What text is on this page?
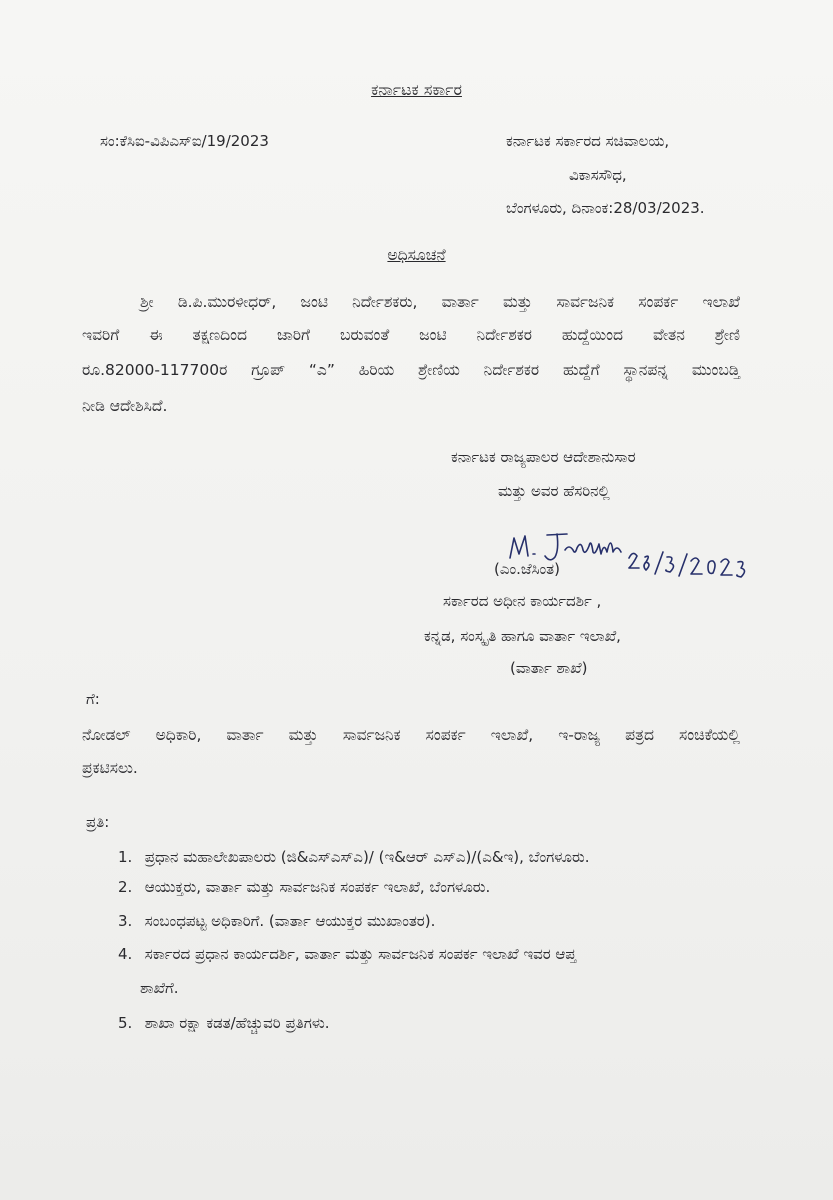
ಕರ್ನಾಟಕ ಸರ್ಕಾರ
ಸಂ:ಕೆಸಿಐ-ವಿಪಿಎಸ್ಐ/19/2023	ಕರ್ನಾಟಕ ಸರ್ಕಾರದ ಸಚಿವಾಲಯ,
ವಿಕಾಸಸೌಧ,
ಬೆಂಗಳೂರು, ದಿನಾಂಕ:28/03/2023.
ಅಧಿಸೂಚನೆ
ಶ್ರೀ ಡಿ.ಪಿ.ಮುರಳೀಧರ್, ಜಂಟಿ ನಿರ್ದೇಶಕರು, ವಾರ್ತಾ ಮತ್ತು ಸಾರ್ವಜನಿಕ ಸಂಪರ್ಕ ಇಲಾಖೆ
ಇವರಿಗೆ ಈ ತಕ್ಷಣದಿಂದ ಜಾರಿಗೆ ಬರುವಂತೆ ಜಂಟಿ ನಿರ್ದೇಶಕರ ಹುದ್ದೆಯಿಂದ ವೇತನ ಶ್ರೇಣಿ
ರೂ.82000-117700ರ ಗ್ರೂಪ್ “ಎ” ಹಿರಿಯ ಶ್ರೇಣಿಯ ನಿರ್ದೇಶಕರ ಹುದ್ದೆಗೆ ಸ್ಥಾನಪನ್ನ ಮುಂಬಡ್ತಿ
ನೀಡಿ ಆದೇಶಿಸಿದೆ.
ಕರ್ನಾಟಕ ರಾಜ್ಯಪಾಲರ ಆದೇಶಾನುಸಾರ
ಮತ್ತು ಅವರ ಹೆಸರಿನಲ್ಲಿ
(ಎಂ.ಜೆಸಿಂತ)
ಸರ್ಕಾರದ ಅಧೀನ ಕಾರ್ಯದರ್ಶಿ ,
ಕನ್ನಡ, ಸಂಸ್ಕೃತಿ ಹಾಗೂ ವಾರ್ತಾ ಇಲಾಖೆ,
(ವಾರ್ತಾ ಶಾಖೆ)
ಗೆ:
ನೋಡಲ್ ಅಧಿಕಾರಿ, ವಾರ್ತಾ ಮತ್ತು ಸಾರ್ವಜನಿಕ ಸಂಪರ್ಕ ಇಲಾಖೆ, ಇ-ರಾಜ್ಯ ಪತ್ರದ ಸಂಚಿಕೆಯಲ್ಲಿ
ಪ್ರಕಟಿಸಲು.
ಪ್ರತಿ:
1. ಪ್ರಧಾನ ಮಹಾಲೇಖಪಾಲರು (ಜಿ&ಎಸ್‌ಎಸ್‌ಎ)/ (ಇ&ಆರ್ ಎಸ್‌ಎ)/(ಎ&ಇ), ಬೆಂಗಳೂರು.
2. ಆಯುಕ್ತರು, ವಾರ್ತಾ ಮತ್ತು ಸಾರ್ವಜನಿಕ ಸಂಪರ್ಕ ಇಲಾಖೆ, ಬೆಂಗಳೂರು.
3. ಸಂಬಂಧಪಟ್ಟ ಅಧಿಕಾರಿಗೆ. (ವಾರ್ತಾ ಆಯುಕ್ತರ ಮುಖಾಂತರ).
4. ಸರ್ಕಾರದ ಪ್ರಧಾನ ಕಾರ್ಯದರ್ಶಿ, ವಾರ್ತಾ ಮತ್ತು ಸಾರ್ವಜನಿಕ ಸಂಪರ್ಕ ಇಲಾಖೆ ಇವರ ಆಪ್ತ
ಶಾಖೆಗೆ.
5. ಶಾಖಾ ರಕ್ಷಾ ಕಡತ/ಹೆಚ್ಚುವರಿ ಪ್ರತಿಗಳು.
